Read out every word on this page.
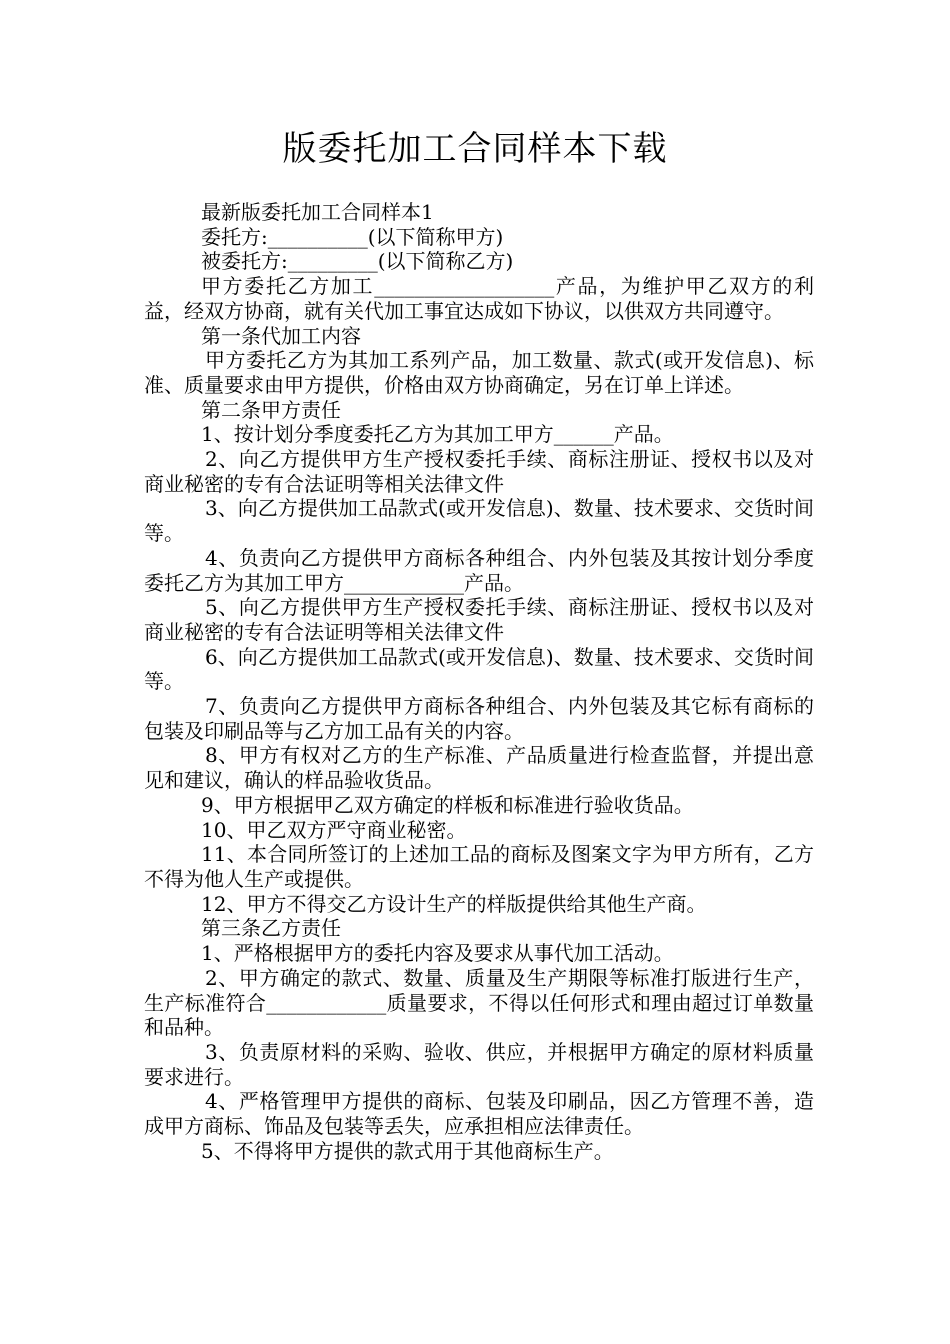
版委托加工合同样本下载

最新版委托加工合同样本1

委托方:__________(以下简称甲方)

被委托方:_________(以下简称乙方)

甲方委托乙方加工__________________产品，为维护甲乙双方的利益，经双方协商，就有关代加工事宜达成如下协议，以供双方共同遵守。

第一条代加工内容

甲方委托乙方为其加工系列产品，加工数量、款式(或开发信息)、标准、质量要求由甲方提供，价格由双方协商确定，另在订单上详述。

第二条甲方责任

1、按计划分季度委托乙方为其加工甲方______产品。

2、向乙方提供甲方生产授权委托手续、商标注册证、授权书以及对商业秘密的专有合法证明等相关法律文件

3、向乙方提供加工品款式(或开发信息)、数量、技术要求、交货时间等。

4、负责向乙方提供甲方商标各种组合、内外包装及其按计划分季度委托乙方为其加工甲方____________产品。

5、向乙方提供甲方生产授权委托手续、商标注册证、授权书以及对商业秘密的专有合法证明等相关法律文件

6、向乙方提供加工品款式(或开发信息)、数量、技术要求、交货时间等。

7、负责向乙方提供甲方商标各种组合、内外包装及其它标有商标的包装及印刷品等与乙方加工品有关的内容。

8、甲方有权对乙方的生产标准、产品质量进行检查监督，并提出意见和建议，确认的样品验收货品。

9、甲方根据甲乙双方确定的样板和标准进行验收货品。

10、甲乙双方严守商业秘密。

11、本合同所签订的上述加工品的商标及图案文字为甲方所有，乙方不得为他人生产或提供。

12、甲方不得交乙方设计生产的样版提供给其他生产商。

第三条乙方责任

1、严格根据甲方的委托内容及要求从事代加工活动。

2、甲方确定的款式、数量、质量及生产期限等标准打版进行生产，生产标准符合____________质量要求，不得以任何形式和理由超过订单数量和品种。

3、负责原材料的采购、验收、供应，并根据甲方确定的原材料质量要求进行。

4、严格管理甲方提供的商标、包装及印刷品，因乙方管理不善，造成甲方商标、饰品及包装等丢失，应承担相应法律责任。

5、不得将甲方提供的款式用于其他商标生产。
